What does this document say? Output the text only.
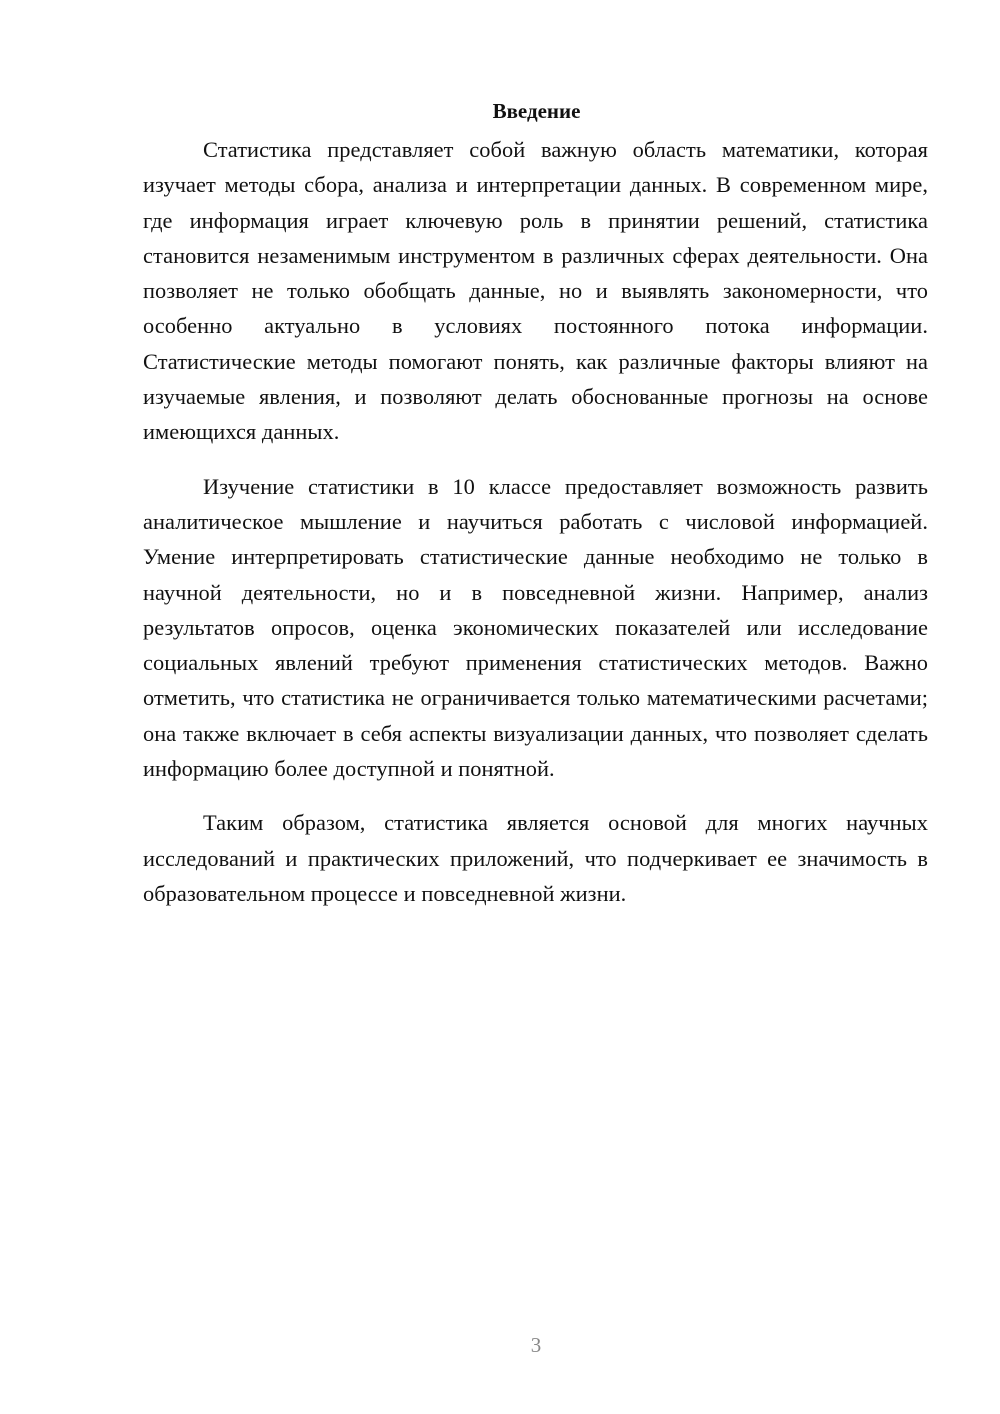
Введение

Статистика представляет собой важную область математики, которая изучает методы сбора, анализа и интерпретации данных. В современном мире, где информация играет ключевую роль в принятии решений, статистика становится незаменимым инструментом в различных сферах деятельности. Она позволяет не только обобщать данные, но и выявлять закономерности, что особенно актуально в условиях постоянного потока информации. Статистические методы помогают понять, как различные факторы влияют на изучаемые явления, и позволяют делать обоснованные прогнозы на основе имеющихся данных.

Изучение статистики в 10 классе предоставляет возможность развить аналитическое мышление и научиться работать с числовой информацией. Умение интерпретировать статистические данные необходимо не только в научной деятельности, но и в повседневной жизни. Например, анализ результатов опросов, оценка экономических показателей или исследование социальных явлений требуют применения статистических методов. Важно отметить, что статистика не ограничивается только математическими расчетами; она также включает в себя аспекты визуализации данных, что позволяет сделать информацию более доступной и понятной.

Таким образом, статистика является основой для многих научных исследований и практических приложений, что подчеркивает ее значимость в образовательном процессе и повседневной жизни.

3
